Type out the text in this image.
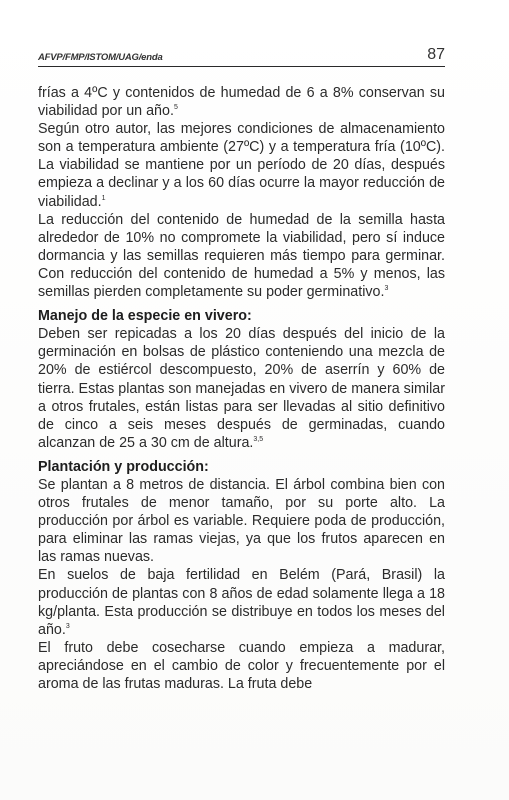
AFVP/FMP/ISTOM/UAG/enda	87

frías a 4ºC y contenidos de humedad de 6 a 8% conservan su viabilidad por un año.$^5$

Según otro autor, las mejores condiciones de almacenamiento son a temperatura ambiente (27ºC) y a temperatura fría (10ºC). La viabilidad se mantiene por un período de 20 días, después empieza a declinar y a los 60 días ocurre la mayor reducción de viabilidad.$^1$

La reducción del contenido de humedad de la semilla hasta alrededor de 10% no compromete la viabilidad, pero sí induce dormancia y las semillas requieren más tiempo para germinar. Con reducción del contenido de humedad a 5% y menos, las semillas pierden completamente su poder germinativo.$^3$

Manejo de la especie en vivero:

Deben ser repicadas a los 20 días después del inicio de la germinación en bolsas de plástico conteniendo una mezcla de 20% de estiércol descompuesto, 20% de aserrín y 60% de tierra. Estas plantas son manejadas en vivero de manera similar a otros frutales, están listas para ser llevadas al sitio definitivo de cinco a seis meses después de germinadas, cuando alcanzan de 25 a 30 cm de altura.$^{3,5}$

Plantación y producción:

Se plantan a 8 metros de distancia. El árbol combina bien con otros frutales de menor tamaño, por su porte alto. La producción por árbol es variable. Requiere poda de producción, para eliminar las ramas viejas, ya que los frutos aparecen en las ramas nuevas.

En suelos de baja fertilidad en Belém (Pará, Brasil) la producción de plantas con 8 años de edad solamente llega a 18 kg/planta. Esta producción se distribuye en todos los meses del año.$^3$

El fruto debe cosecharse cuando empieza a madurar, apreciándose en el cambio de color y frecuentemente por el aroma de las frutas maduras. La fruta debe
